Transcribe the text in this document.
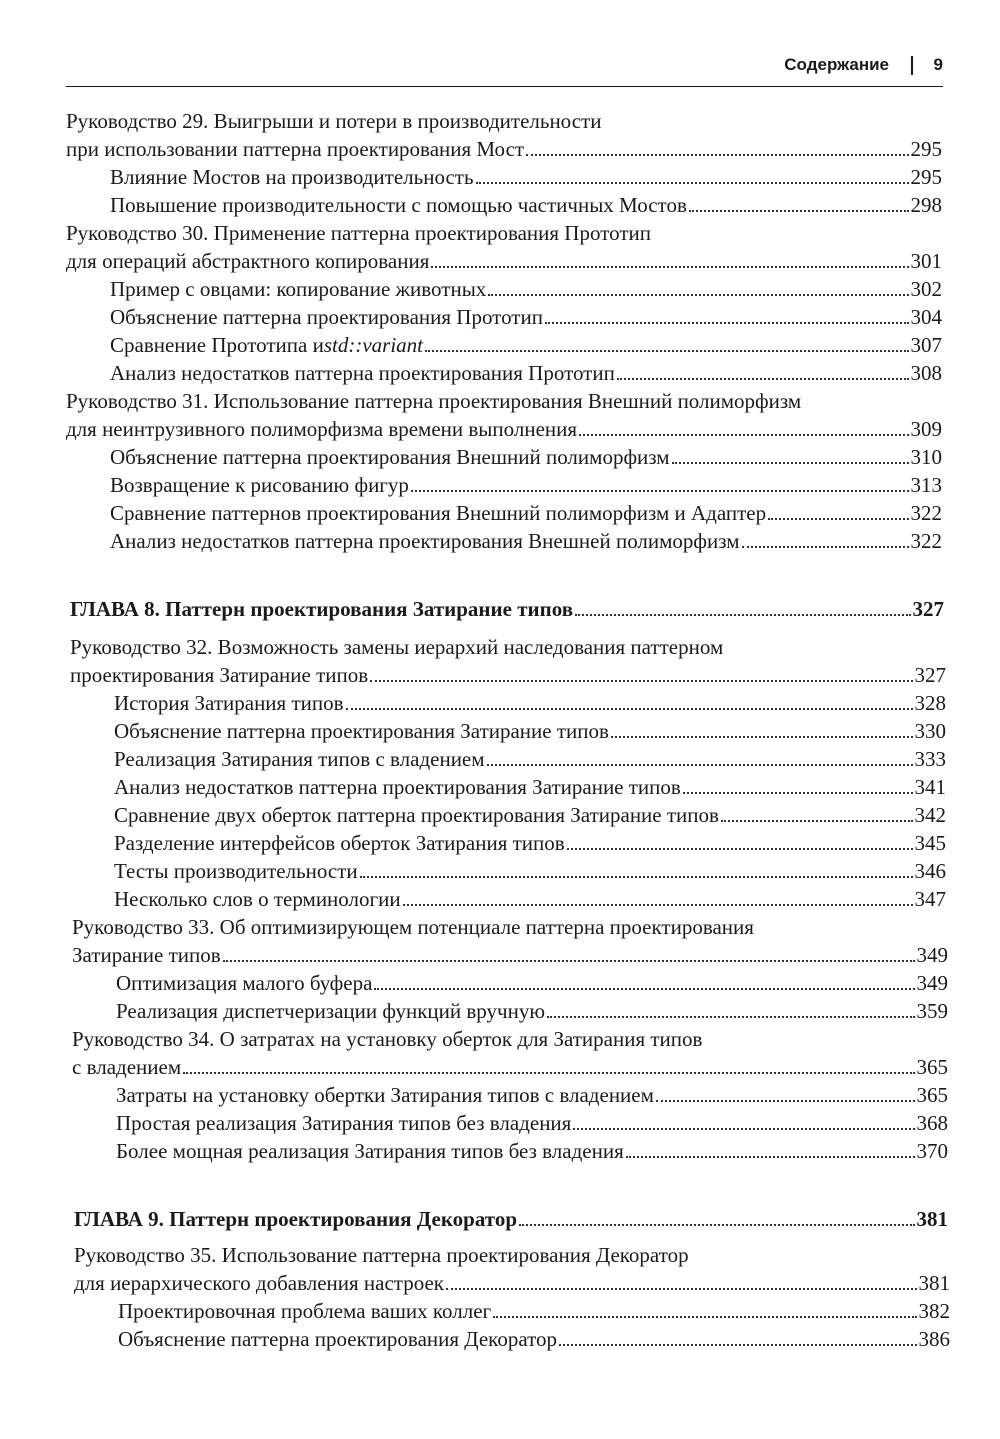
Содержание	9
Руководство 29. Выигрыши и потери в производительности
при использовании паттерна проектирования Мост	295
Влияние Мостов на производительность	295
Повышение производительности с помощью частичных Мостов	298
Руководство 30. Применение паттерна проектирования Прототип
для операций абстрактного копирования	301
Пример с овцами: копирование животных	302
Объяснение паттерна проектирования Прототип	304
Сравнение Прототипа и std::variant	307
Анализ недостатков паттерна проектирования Прототип	308
Руководство 31. Использование паттерна проектирования Внешний полиморфизм
для неинтрузивного полиморфизма времени выполнения	309
Объяснение паттерна проектирования Внешний полиморфизм	310
Возвращение к рисованию фигур	313
Сравнение паттернов проектирования Внешний полиморфизм и Адаптер	322
Анализ недостатков паттерна проектирования Внешней полиморфизм	322
ГЛАВА 8. Паттерн проектирования Затирание типов	327
Руководство 32. Возможность замены иерархий наследования паттерном
проектирования Затирание типов	327
История Затирания типов	328
Объяснение паттерна проектирования Затирание типов	330
Реализация Затирания типов с владением	333
Анализ недостатков паттерна проектирования Затирание типов	341
Сравнение двух оберток паттерна проектирования Затирание типов	342
Разделение интерфейсов оберток Затирания типов	345
Тесты производительности	346
Несколько слов о терминологии	347
Руководство 33. Об оптимизирующем потенциале паттерна проектирования
Затирание типов	349
Оптимизация малого буфера	349
Реализация диспетчеризации функций вручную	359
Руководство 34. О затратах на установку оберток для Затирания типов
с владением	365
Затраты на установку обертки Затирания типов с владением	365
Простая реализация Затирания типов без владения	368
Более мощная реализация Затирания типов без владения	370
ГЛАВА 9. Паттерн проектирования Декоратор	381
Руководство 35. Использование паттерна проектирования Декоратор
для иерархического добавления настроек	381
Проектировочная проблема ваших коллег	382
Объяснение паттерна проектирования Декоратор	386
